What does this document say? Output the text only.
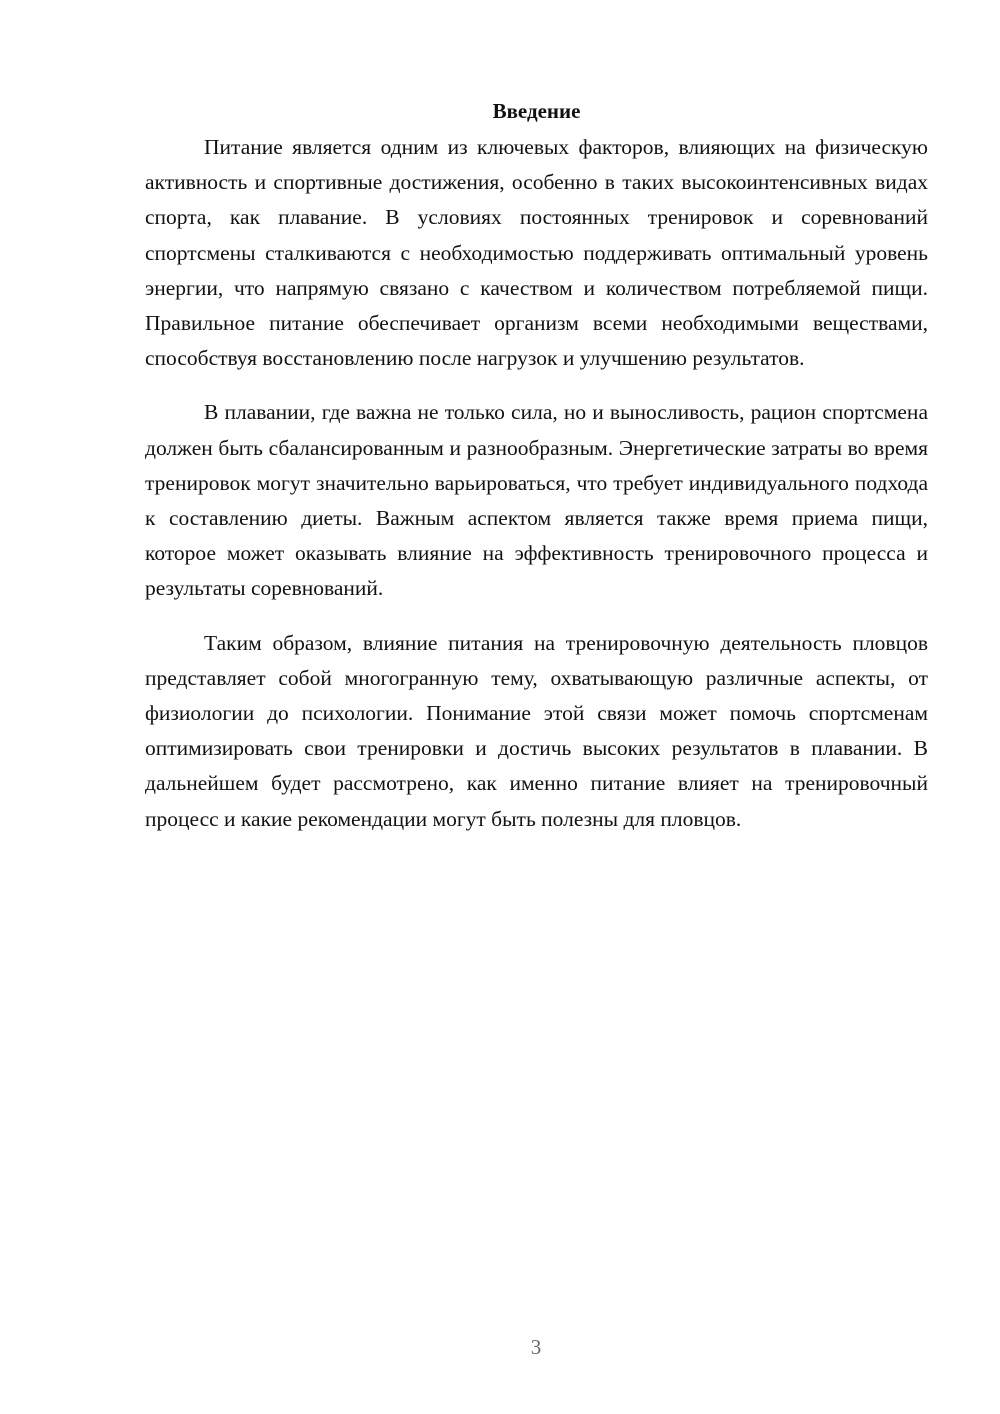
Введение

Питание является одним из ключевых факторов, влияющих на физическую активность и спортивные достижения, особенно в таких высокоинтенсивных видах спорта, как плавание. В условиях постоянных тренировок и соревнований спортсмены сталкиваются с необходимостью поддерживать оптимальный уровень энергии, что напрямую связано с качеством и количеством потребляемой пищи. Правильное питание обеспечивает организм всеми необходимыми веществами, способствуя восстановлению после нагрузок и улучшению результатов.

В плавании, где важна не только сила, но и выносливость, рацион спортсмена должен быть сбалансированным и разнообразным. Энергетические затраты во время тренировок могут значительно варьироваться, что требует индивидуального подхода к составлению диеты. Важным аспектом является также время приема пищи, которое может оказывать влияние на эффективность тренировочного процесса и результаты соревнований.

Таким образом, влияние питания на тренировочную деятельность пловцов представляет собой многогранную тему, охватывающую различные аспекты, от физиологии до психологии. Понимание этой связи может помочь спортсменам оптимизировать свои тренировки и достичь высоких результатов в плавании. В дальнейшем будет рассмотрено, как именно питание влияет на тренировочный процесс и какие рекомендации могут быть полезны для пловцов.

3
